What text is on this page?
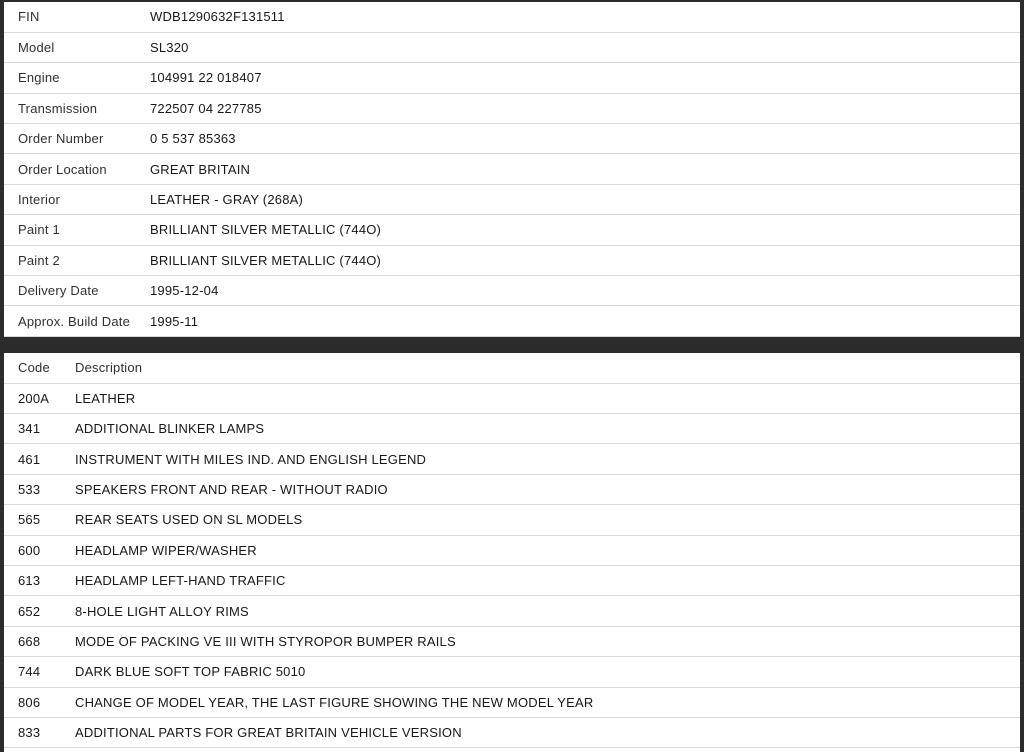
FIN	WDB1290632F131511
Model	SL320
Engine	104991 22 018407
Transmission	722507 04 227785
Order Number	0 5 537 85363
Order Location	GREAT BRITAIN
Interior	LEATHER - GRAY (268A)
Paint 1	BRILLIANT SILVER METALLIC (744O)
Paint 2	BRILLIANT SILVER METALLIC (744O)
Delivery Date	1995-12-04
Approx. Build Date	1995-11
Code	Description
200A	LEATHER
341	ADDITIONAL BLINKER LAMPS
461	INSTRUMENT WITH MILES IND. AND ENGLISH LEGEND
533	SPEAKERS FRONT AND REAR - WITHOUT RADIO
565	REAR SEATS USED ON SL MODELS
600	HEADLAMP WIPER/WASHER
613	HEADLAMP LEFT-HAND TRAFFIC
652	8-HOLE LIGHT ALLOY RIMS
668	MODE OF PACKING VE III WITH STYROPOR BUMPER RAILS
744	DARK BLUE SOFT TOP FABRIC 5010
806	CHANGE OF MODEL YEAR, THE LAST FIGURE SHOWING THE NEW MODEL YEAR
833	ADDITIONAL PARTS FOR GREAT BRITAIN VEHICLE VERSION
